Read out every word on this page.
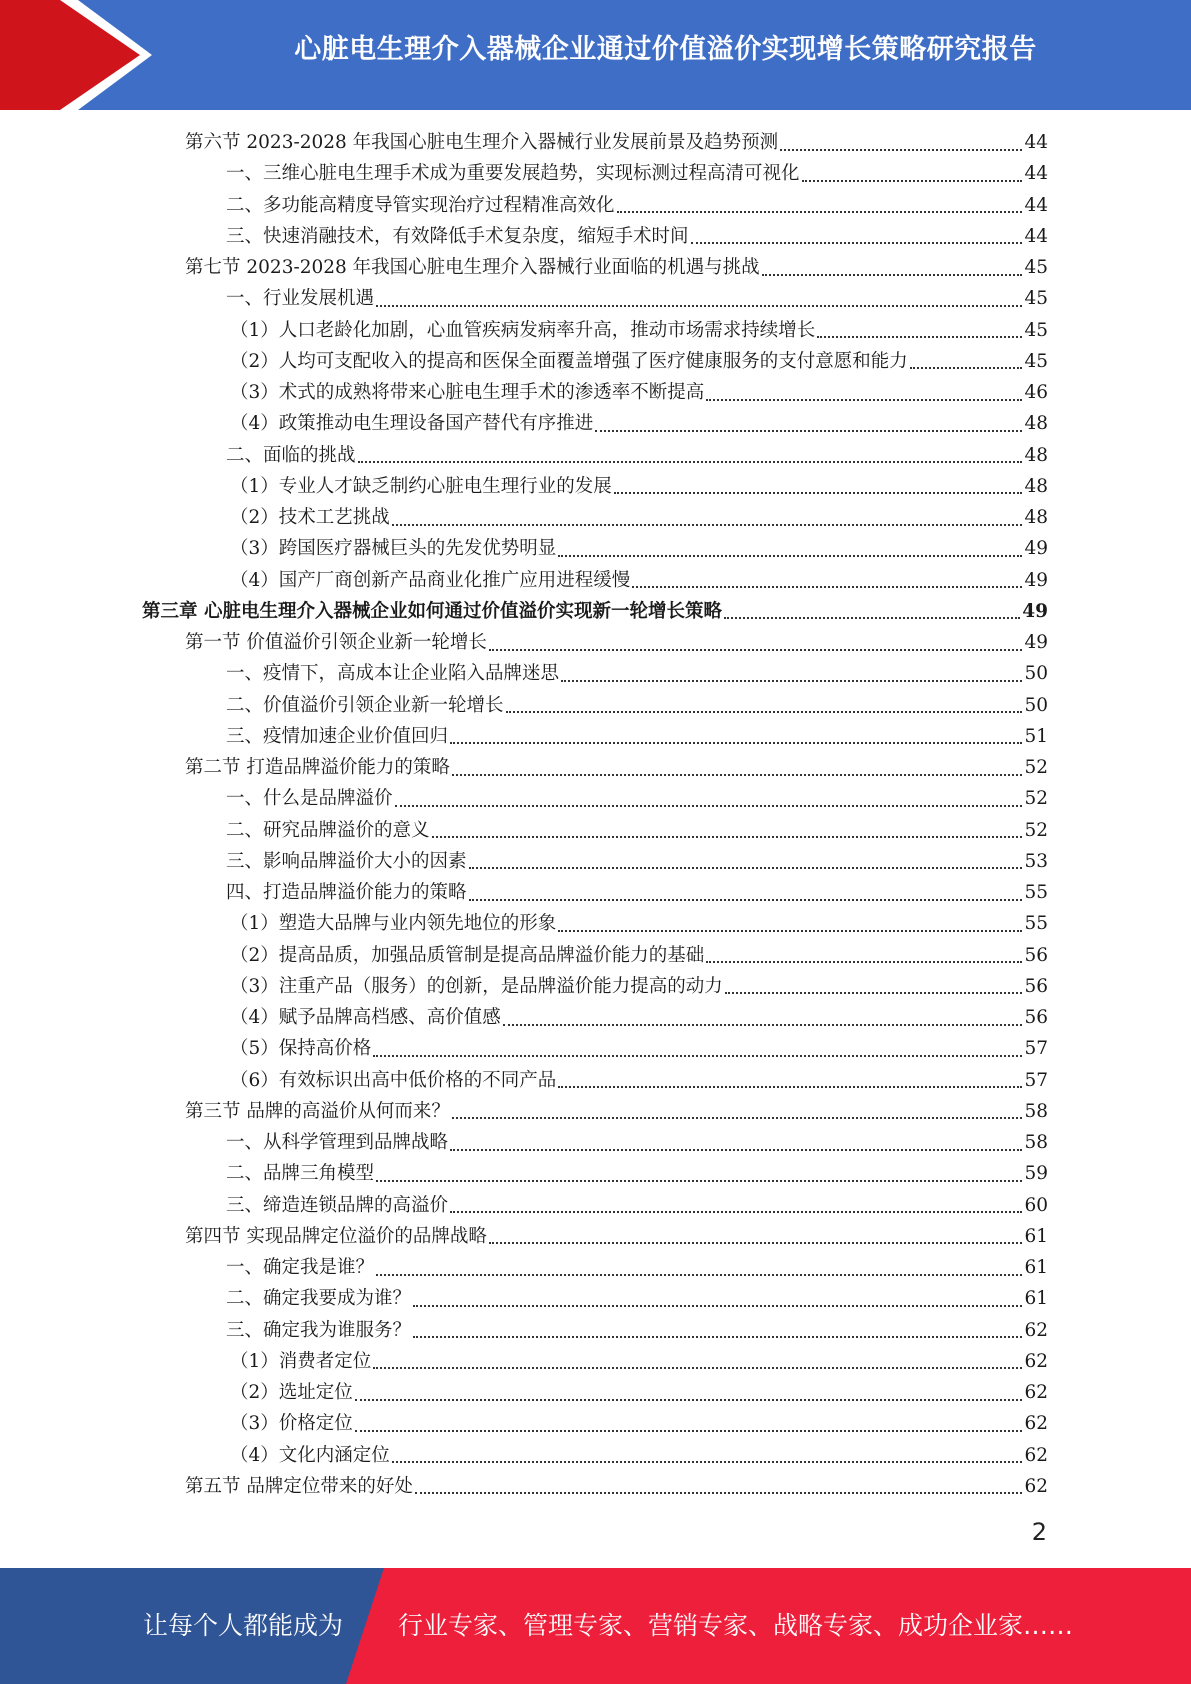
心脏电生理介入器械企业通过价值溢价实现增长策略研究报告
第六节 2023-2028 年我国心脏电生理介入器械行业发展前景及趋势预测	44
一、三维心脏电生理手术成为重要发展趋势，实现标测过程高清可视化	44
二、多功能高精度导管实现治疗过程精准高效化	44
三、快速消融技术，有效降低手术复杂度，缩短手术时间	44
第七节 2023-2028 年我国心脏电生理介入器械行业面临的机遇与挑战	45
一、行业发展机遇	45
（1）人口老龄化加剧，心血管疾病发病率升高，推动市场需求持续增长	45
（2）人均可支配收入的提高和医保全面覆盖增强了医疗健康服务的支付意愿和能力	45
（3）术式的成熟将带来心脏电生理手术的渗透率不断提高	46
（4）政策推动电生理设备国产替代有序推进	48
二、面临的挑战	48
（1）专业人才缺乏制约心脏电生理行业的发展	48
（2）技术工艺挑战	48
（3）跨国医疗器械巨头的先发优势明显	49
（4）国产厂商创新产品商业化推广应用进程缓慢	49
第三章 心脏电生理介入器械企业如何通过价值溢价实现新一轮增长策略	49
第一节 价值溢价引领企业新一轮增长	49
一、疫情下，高成本让企业陷入品牌迷思	50
二、价值溢价引领企业新一轮增长	50
三、疫情加速企业价值回归	51
第二节 打造品牌溢价能力的策略	52
一、什么是品牌溢价	52
二、研究品牌溢价的意义	52
三、影响品牌溢价大小的因素	53
四、打造品牌溢价能力的策略	55
（1）塑造大品牌与业内领先地位的形象	55
（2）提高品质，加强品质管制是提高品牌溢价能力的基础	56
（3）注重产品（服务）的创新，是品牌溢价能力提高的动力	56
（4）赋予品牌高档感、高价值感	56
（5）保持高价格	57
（6）有效标识出高中低价格的不同产品	57
第三节 品牌的高溢价从何而来？	58
一、从科学管理到品牌战略	58
二、品牌三角模型	59
三、缔造连锁品牌的高溢价	60
第四节 实现品牌定位溢价的品牌战略	61
一、确定我是谁？	61
二、确定我要成为谁？	61
三、确定我为谁服务？	62
（1）消费者定位	62
（2）选址定位	62
（3）价格定位	62
（4）文化内涵定位	62
第五节 品牌定位带来的好处	62
2
让每个人都能成为 行业专家、管理专家、营销专家、战略专家、成功企业家……
